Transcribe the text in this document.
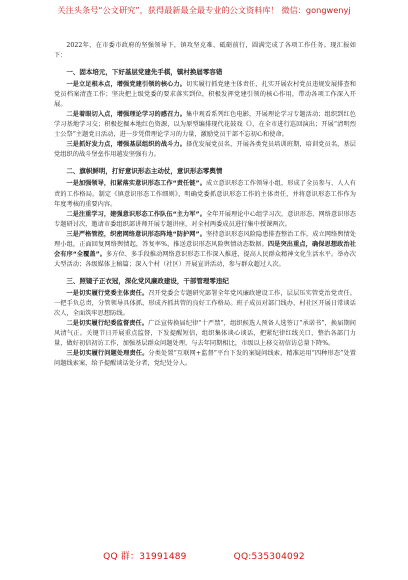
关注头条号“公文研究”，获得最新最全最专业的公文资料库！ 微信：gongwenyj

2022年，在市委市政府的坚强领导下，镇攻坚克难、砥砺前行，圆满完成了各项工作任务。现汇报如下：

一、固本培元，下好基层党建先手棋，镇村换届零容错

一是立足根本点，增强党建引领的核心力。切实履行抓党建主体责任，扎实开展农村党员违规发展排查和党员档案清查工作；坚决把上级党委的要求落实到位，积极发挥党建引领的核心作用，带动各项工作深入开展。

二是着眼切入点，增强理论学习的感召力。集中观看系列红色电影，开展理论学习专题活动；组织到红色学习基地学习交；积极挖掘本地红色资源，以为原型编排现代花鼓戏《》，在全市进行巡回演出；开展“清明烈士公祭”主题党日活动，进一步凭借理论学习的力量，激励党员干部不忘初心和使命。

三是抓好发力点，增强基层组织的战斗力。择优发展党员名，开展各类党员培训班期，培训党员名，基层党组织的战斗堡垒作用越发坚强有力。

二、旗帜鲜明，打好意识形态主动仗，意识形态零舆情

一是加强领导，扣紧落实意识形态工作“责任链”。成立意识形态工作领导小组，形成了全员参与、人人有责的工作格局。制定《镇意识形态工作细则》，明确党委抓意识形态工作的主体责任，并将意识形态工作作为年度考核的重要内容。

二是注重学习，建强意识形态工作队伍“主力军”。全年开展理论中心组学习次，意识形态、网络意识形态专题研讨次，邀请市委组织部讲师开展专题讲座，对全村两委成员进行集中授课两次。

三是严格管控，织密网络意识形态阵地“防护网”。坚持意识形态风险隐患排查整治工作，成立网络舆情处理小组，正面回复网络舆情起，答复率%，推送意识形态风险舆情动态数据。四是突出重点，确保思想政治社会有序“全覆盖”。多方位、多手段推动网络意识形态工作深入推进，提高人民群众精神文化生活水平。举办次大型活动；各级媒体上稿篇；深入个村（社区）开展宣讲活动，参与群众超过人次。

三、照镜子正衣冠，深化党风廉政建设，干部管理零违纪

一是切实履行党委主体责任。召开党委会专题研究部署全年党风廉政建设工作，层层压实管党治党责任。一把手负总责，分管领导具体抓，形成齐抓共管的良好工作格局。班子成员对部门线办，村社区开展日常谈话次人，全面筑牢思想防线。

二是切实履行纪委监督责任。广泛宣传换届纪律“十严禁”，组织候选人预备人选签订“承诺书”，换届期间风清气正。关键节日开展重点监督，下发提醒短信，组织集体谈心谈话，把紧纪律红线关口，整治各部门力量，做好初信初访工作，加强基层群众问题处理，与去年同期相比，市级以上移交初信访总量下降%。

三是切实履行问题处理责任。分类处置“互联网+监督”平台下发的案疑问线索，精准运用“四种形态”处置问题线索案，给予提醒谈话处分者，党纪处分人。

QQ 群：31991489	QQ:535304092
